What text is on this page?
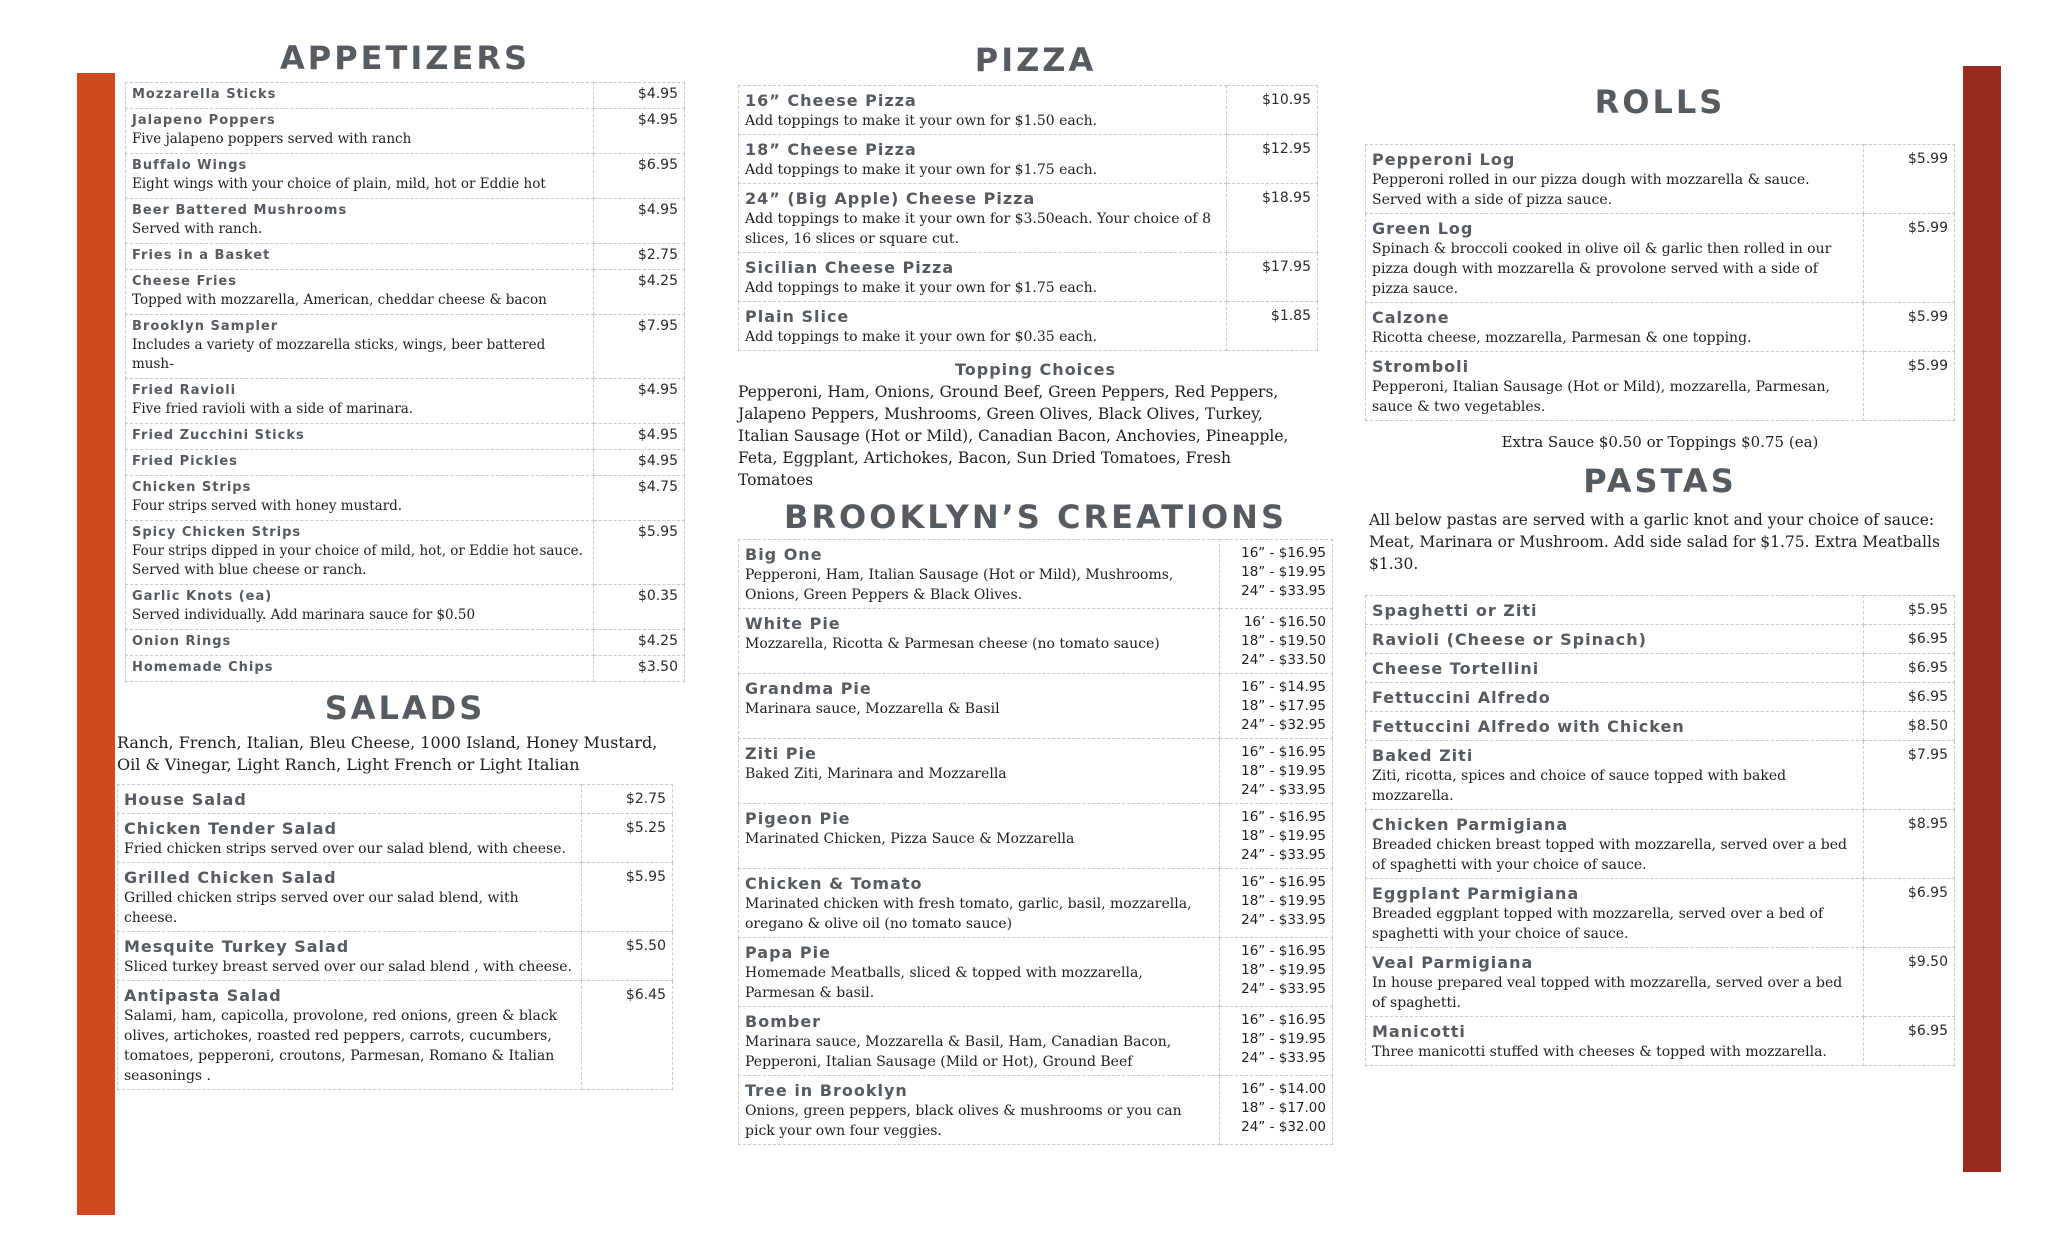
APPETIZERS
Mozzarella Sticks	$4.95

Jalapeno Poppers
Five jalapeno poppers served with ranch	$4.95

Buffalo Wings
Eight wings with your choice of plain, mild, hot or Eddie hot	$6.95

Beer Battered Mushrooms
Served with ranch.	$4.95

Fries in a Basket	$2.75

Cheese Fries
Topped with mozzarella, American, cheddar cheese & bacon	$4.25

Brooklyn Sampler
Includes a variety of mozzarella sticks, wings, beer battered mush-	$7.95

Fried Ravioli
Five fried ravioli with a side of marinara.	$4.95

Fried Zucchini Sticks	$4.95

Fried Pickles	$4.95

Chicken Strips
Four strips served with honey mustard.	$4.75

Spicy Chicken Strips
Four strips dipped in your choice of mild, hot, or Eddie hot sauce. Served with blue cheese or ranch.	$5.95

Garlic Knots (ea)
Served individually. Add marinara sauce for $0.50	$0.35

Onion Rings	$4.25

Homemade Chips	$3.50
SALADS
Ranch, French, Italian, Bleu Cheese, 1000 Island, Honey Mustard, Oil & Vinegar, Light Ranch, Light French or Light Italian
House Salad	$2.75

Chicken Tender Salad
Fried chicken strips served over our salad blend, with cheese.	$5.25

Grilled Chicken Salad
Grilled chicken strips served over our salad blend, with cheese.	$5.95

Mesquite Turkey Salad
Sliced turkey breast served over our salad blend , with cheese.	$5.50

Antipasta Salad
Salami, ham, capicolla, provolone, red onions, green & black olives, artichokes, roasted red peppers, carrots, cucumbers, tomatoes, pepperoni, croutons, Parmesan, Romano & Italian seasonings .	$6.45
PIZZA
16” Cheese Pizza
Add toppings to make it your own for $1.50 each.	$10.95

18” Cheese Pizza
Add toppings to make it your own for $1.75 each.	$12.95

24” (Big Apple) Cheese Pizza
Add toppings to make it your own for $3.50each. Your choice of 8 slices, 16 slices or square cut.	$18.95

Sicilian Cheese Pizza
Add toppings to make it your own for $1.75 each.	$17.95

Plain Slice
Add toppings to make it your own for $0.35 each.	$1.85
Topping Choices
Pepperoni, Ham, Onions, Ground Beef, Green Peppers, Red Peppers, Jalapeno Peppers, Mushrooms, Green Olives, Black Olives, Turkey, Italian Sausage (Hot or Mild), Canadian Bacon, Anchovies, Pineapple, Feta, Eggplant, Artichokes, Bacon, Sun Dried Tomatoes, Fresh Tomatoes
BROOKLYN’S CREATIONS
Big One
Pepperoni, Ham, Italian Sausage (Hot or Mild), Mushrooms, Onions, Green Peppers & Black Olives.	16” - $16.95
18” - $19.95
24” - $33.95

White Pie
Mozzarella, Ricotta & Parmesan cheese (no tomato sauce)	16’ - $16.50
18” - $19.50
24” - $33.50

Grandma Pie
Marinara sauce, Mozzarella & Basil	16” - $14.95
18” - $17.95
24” - $32.95

Ziti Pie
Baked Ziti, Marinara and Mozzarella	16” - $16.95
18” - $19.95
24” - $33.95

Pigeon Pie
Marinated Chicken, Pizza Sauce & Mozzarella	16” - $16.95
18” - $19.95
24” - $33.95

Chicken & Tomato
Marinated chicken with fresh tomato, garlic, basil, mozzarella, oregano & olive oil (no tomato sauce)	16” - $16.95
18” - $19.95
24” - $33.95

Papa Pie
Homemade Meatballs, sliced & topped with mozzarella, Parmesan & basil.	16” - $16.95
18” - $19.95
24” - $33.95

Bomber
Marinara sauce, Mozzarella & Basil, Ham, Canadian Bacon, Pepperoni, Italian Sausage (Mild or Hot), Ground Beef	16” - $16.95
18” - $19.95
24” - $33.95

Tree in Brooklyn
Onions, green peppers, black olives & mushrooms or you can pick your own four veggies.	16” - $14.00
18” - $17.00
24” - $32.00
ROLLS
Pepperoni Log
Pepperoni rolled in our pizza dough with mozzarella & sauce. Served with a side of pizza sauce.	$5.99

Green Log
Spinach & broccoli cooked in olive oil & garlic then rolled in our pizza dough with mozzarella & provolone served with a side of pizza sauce.	$5.99

Calzone
Ricotta cheese, mozzarella, Parmesan & one topping.	$5.99

Stromboli
Pepperoni, Italian Sausage (Hot or Mild), mozzarella, Parmesan, sauce & two vegetables.	$5.99
Extra Sauce $0.50 or Toppings $0.75 (ea)
PASTAS
All below pastas are served with a garlic knot and your choice of sauce: Meat, Marinara or Mushroom. Add side salad for $1.75. Extra Meatballs $1.30.
Spaghetti or Ziti	$5.95

Ravioli (Cheese or Spinach)	$6.95

Cheese Tortellini	$6.95

Fettuccini Alfredo	$6.95

Fettuccini Alfredo with Chicken	$8.50

Baked Ziti
Ziti, ricotta, spices and choice of sauce topped with baked mozzarella.	$7.95

Chicken Parmigiana
Breaded chicken breast topped with mozzarella, served over a bed of spaghetti with your choice of sauce.	$8.95

Eggplant Parmigiana
Breaded eggplant topped with mozzarella, served over a bed of spaghetti with your choice of sauce.	$6.95

Veal Parmigiana
In house prepared veal topped with mozzarella, served over a bed of spaghetti.	$9.50

Manicotti
Three manicotti stuffed with cheeses & topped with mozzarella.	$6.95
